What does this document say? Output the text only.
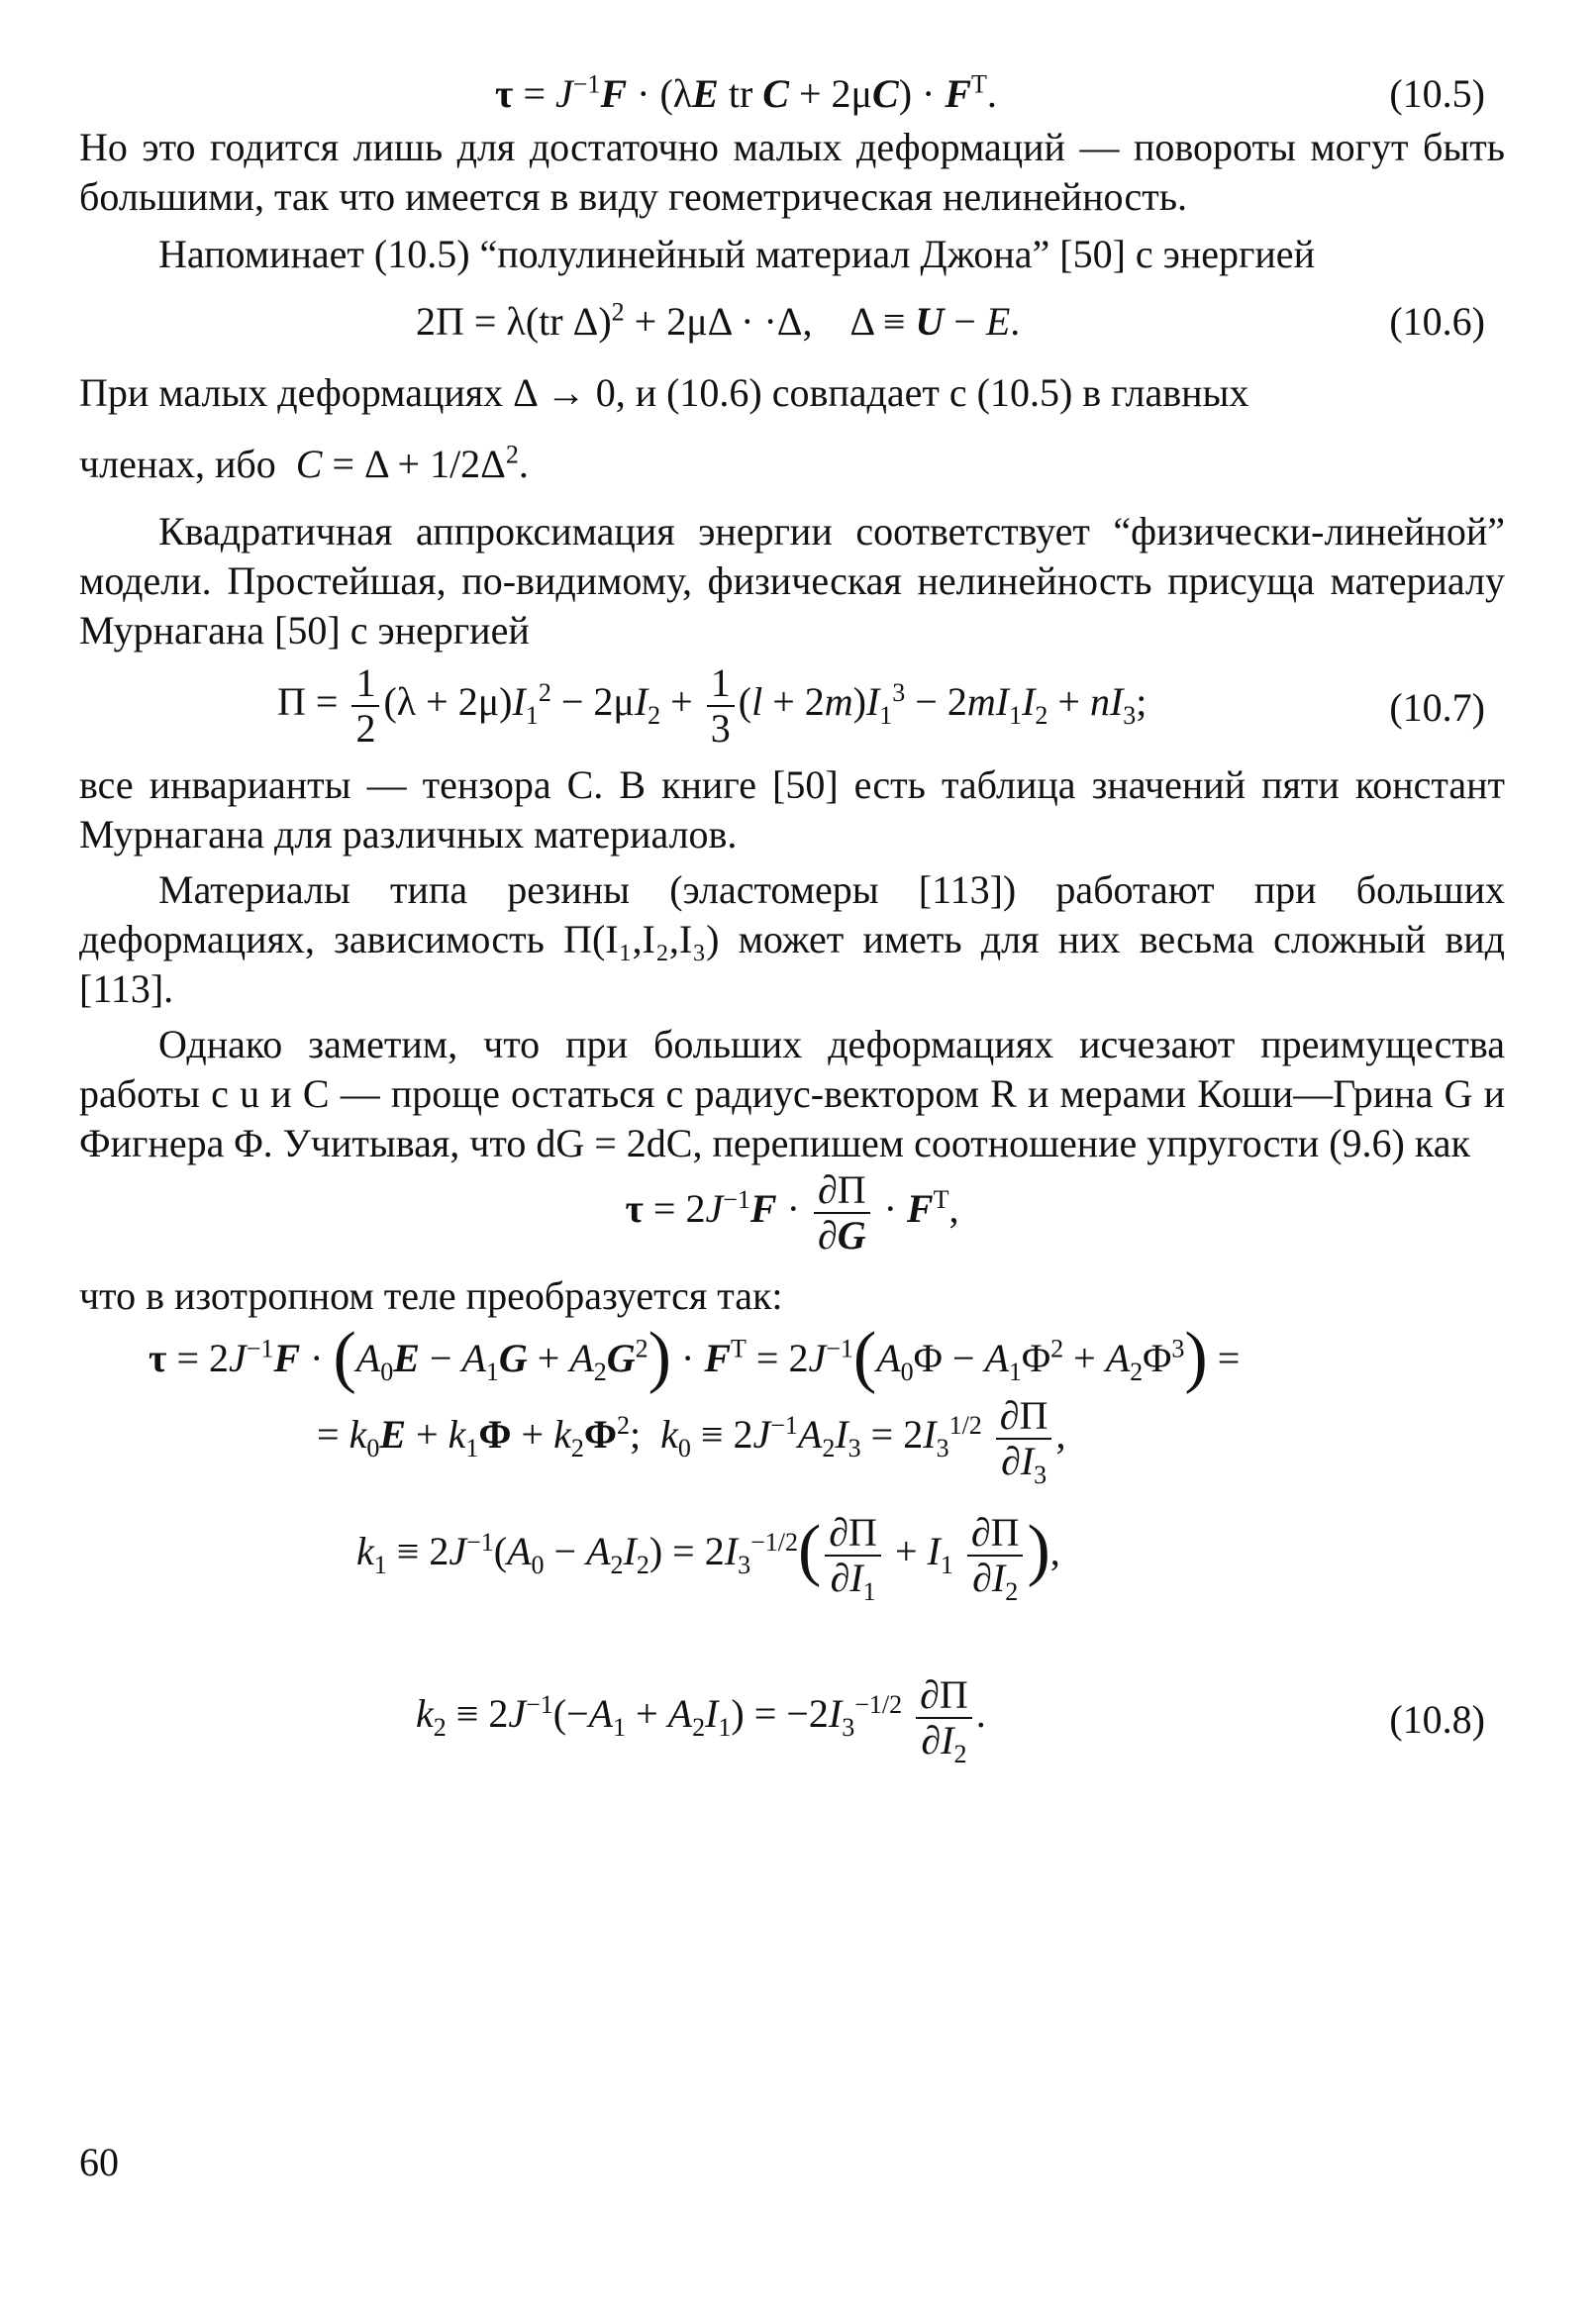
$\tau = J^{-1}F \cdot (\lambda E$ tr $C + 2\mu C) \cdot F^T$.	(10.5)

Но это годится лишь для достаточно малых деформаций — повороты могут быть большими, так что имеется в виду геометрическая нелинейность.

Напоминает (10.5) “полулинейный материал Джона” [50] с энергией

2П = λ(tr Δ)$^2$ + 2μΔ · ·Δ,    Δ ≡ U − E.	(10.6)

При малых деформациях Δ → 0, и (10.6) совпадает с (10.5) в главных

членах, ибо  $C = \Delta + 1/2\Delta^2$.

Квадратичная аппроксимация энергии соответствует “физически-линейной” модели. Простейшая, по-видимому, физическая нелинейность присуща материалу Мурнагана [50] с энергией

$П = \frac{1}{2} (\lambda + 2\mu)I_1^2 - 2\mu I_2 + \frac{1}{3} (l + 2m)I_1^3 - 2mI_1I_2 + nI_3$;	(10.7)

все инварианты — тензора C. В книге [50] есть таблица значений пяти констант Мурнагана для различных материалов.

Материалы типа резины (эластомеры [113]) работают при больших деформациях, зависимость П(I₁,I₂,I₃) может иметь для них весьма сложный вид [113].

Однако заметим, что при больших деформациях исчезают преимущества работы с u и C — проще остаться с радиус-вектором R и мерами Коши—Грина G и Фигнера Φ. Учитывая, что dG = 2dC, перепишем соотношение упругости (9.6) как

$\tau = 2J^{-1}F \cdot \frac{\partial П}{\partial G} \cdot F^T$,

что в изотропном теле преобразуется так:

$\tau = 2J^{-1}F \cdot (A_0E - A_1G + A_2G^2) \cdot F^T = 2J^{-1}(A_0\Phi - A_1\Phi^2 + A_2\Phi^3)$ =
= $k_0E + k_1\Phi + k_2\Phi^2$;  $k_0 \equiv 2J^{-1}A_2I_3 = 2I_3^{1/2} \frac{\partial П}{\partial I_3}$ ,
$k_1 \equiv 2J^{-1}(A_0 - A_2I_2) = 2I_3^{-1/2}( \frac{\partial П}{\partial I_1} + I_1 \frac{\partial П}{\partial I_2}$ ),
$k_2 \equiv 2J^{-1}(-A_1 + A_2I_1) = -2I_3^{-1/2} \frac{\partial П}{\partial I_2}$ .	(10.8)
60
